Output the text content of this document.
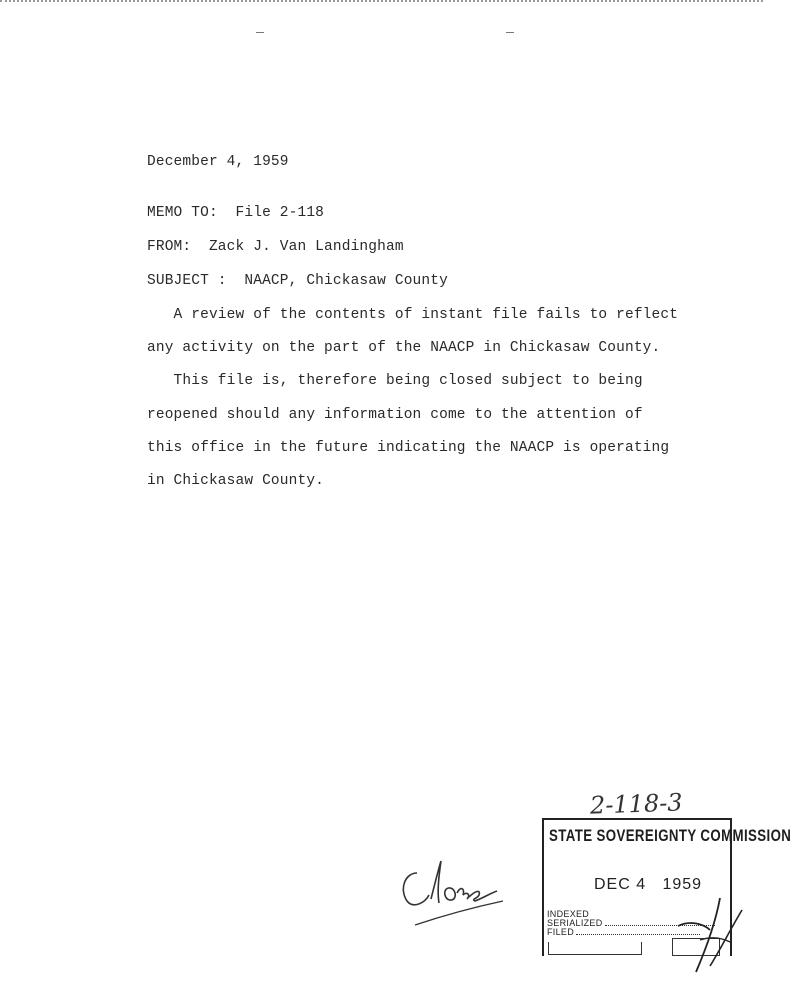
December 4, 1959
MEMO TO:  File 2-118
FROM:  Zack J. Van Landingham
SUBJECT :  NAACP, Chickasaw County
A review of the contents of instant file fails to reflect
any activity on the part of the NAACP in Chickasaw County.
This file is, therefore being closed subject to being
reopened should any information come to the attention of
this office in the future indicating the NAACP is operating
in Chickasaw County.
2-118-3
STATE SOVEREIGNTY COMMISSION
DEC 4   1959
INDEXED
SERIALIZED
FILED
